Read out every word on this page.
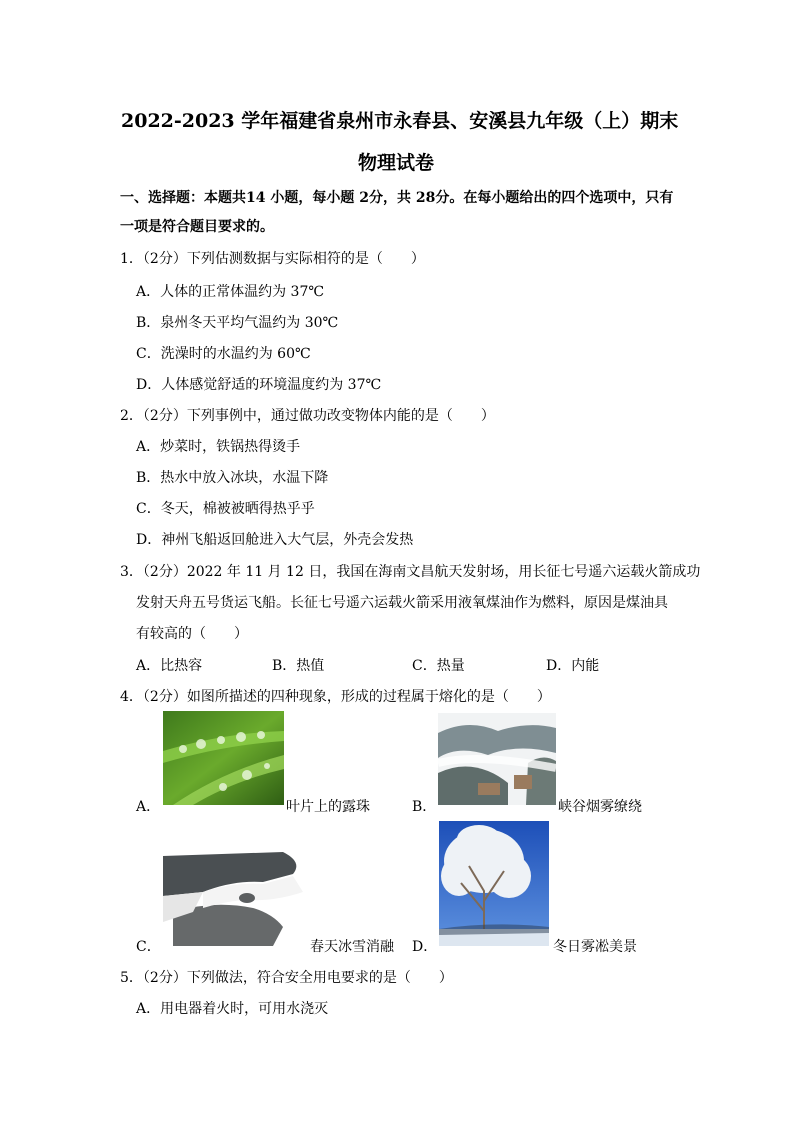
2022-2023 学年福建省泉州市永春县、安溪县九年级（上）期末
物理试卷
一、选择题：本题共14 小题，每小题 2分，共 28分。在每小题给出的四个选项中，只有
一项是符合题目要求的。
1．（2分）下列估测数据与实际相符的是（　　）
A．人体的正常体温约为 37℃
B．泉州冬天平均气温约为 30℃
C．洗澡时的水温约为 60℃
D．人体感觉舒适的环境温度约为 37℃
2．（2分）下列事例中，通过做功改变物体内能的是（　　）
A．炒菜时，铁锅热得烫手
B．热水中放入冰块，水温下降
C．冬天，棉被被晒得热乎乎
D．神州飞船返回舱进入大气层，外壳会发热
3．（2分）2022 年 11 月 12 日，我国在海南文昌航天发射场，用长征七号遥六运载火箭成功
发射天舟五号货运飞船。长征七号遥六运载火箭采用液氧煤油作为燃料，原因是煤油具
有较高的（　　）
A．比热容	B．热值	C．热量	D．内能
4．（2分）如图所描述的四种现象，形成的过程属于熔化的是（　　）
A．	叶片上的露珠	B．	峡谷烟雾缭绕
C．	春天冰雪消融 D．	冬日雾凇美景
5．（2分）下列做法，符合安全用电要求的是（　　）
A．用电器着火时，可用水浇灭
